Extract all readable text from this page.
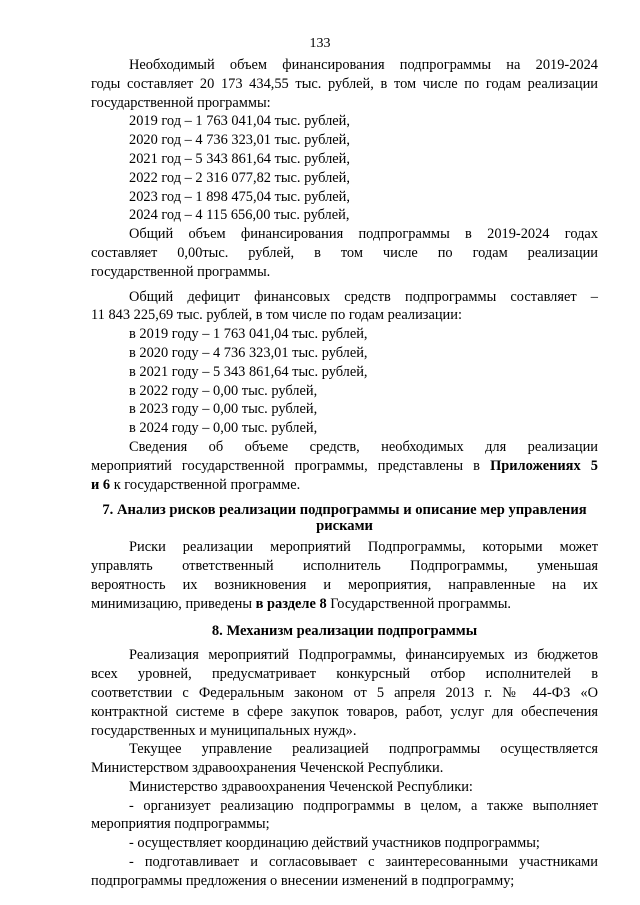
133

Необходимый объем финансирования подпрограммы на 2019-2024

годы составляет 20 173 434,55 тыс. рублей, в том числе по годам реализации

государственной программы:

2019 год – 1 763 041,04 тыс. рублей,

2020 год – 4 736 323,01 тыс. рублей,

2021 год – 5 343 861,64 тыс. рублей,

2022 год – 2 316 077,82 тыс. рублей,

2023 год – 1 898 475,04 тыс. рублей,

2024 год – 4 115 656,00 тыс. рублей,

Общий объем финансирования подпрограммы в 2019-2024 годах

составляет 0,00тыс. рублей, в том числе по годам реализации

государственной программы.

Общий дефицит финансовых средств подпрограммы составляет –

11 843 225,69 тыс. рублей, в том числе по годам реализации:

в 2019 году – 1 763 041,04 тыс. рублей,

в 2020 году – 4 736 323,01 тыс. рублей,

в 2021 году – 5 343 861,64 тыс. рублей,

в 2022 году – 0,00 тыс. рублей,

в 2023 году – 0,00 тыс. рублей,

в 2024 году – 0,00 тыс. рублей,

Сведения об объеме средств, необходимых для реализации

мероприятий государственной программы, представлены в Приложениях 5

и 6 к государственной программе.

7. Анализ рисков реализации подпрограммы и описание мер управления
рисками

Риски реализации мероприятий Подпрограммы, которыми может

управлять ответственный исполнитель Подпрограммы, уменьшая

вероятность их возникновения и мероприятия, направленные на их

минимизацию, приведены в разделе 8 Государственной программы.

8. Механизм реализации подпрограммы

Реализация мероприятий Подпрограммы, финансируемых из бюджетов

всех уровней, предусматривает конкурсный отбор исполнителей в

соответствии с Федеральным законом от 5 апреля 2013 г. № 44-ФЗ «О

контрактной системе в сфере закупок товаров, работ, услуг для обеспечения

государственных и муниципальных нужд».

Текущее управление реализацией подпрограммы осуществляется

Министерством здравоохранения Чеченской Республики.

Министерство здравоохранения Чеченской Республики:

- организует реализацию подпрограммы в целом, а также выполняет

мероприятия подпрограммы;

- осуществляет координацию действий участников подпрограммы;

- подготавливает и согласовывает с заинтересованными участниками

подпрограммы предложения о внесении изменений в подпрограмму;
